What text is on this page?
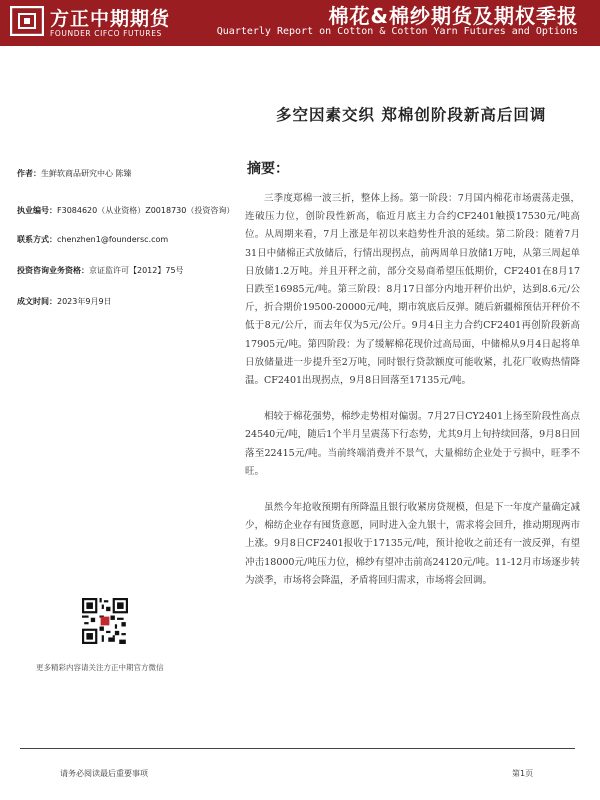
方正中期期货
FOUNDER CIFCO FUTURES
棉花&棉纱期货及期权季报
Quarterly Report on Cotton & Cotton Yarn Futures and Options
多空因素交织 郑棉创阶段新高后回调
作者：生鲜软商品研究中心 陈臻
执业编号：F3084620（从业资格）Z0018730（投资咨询）
联系方式：chenzhen1@foundersc.com
投资咨询业务资格：京证监许可【2012】75号
成文时间：2023年9月9日
摘要：

三季度郑棉一波三折，整体上扬。第一阶段：7月国内棉花市场震荡走强，连破压力位，创阶段性新高，临近月底主力合约CF2401触摸17530元/吨高位。从周期来看，7月上涨是年初以来趋势性升浪的延续。第二阶段：随着7月31日中储棉正式放储后，行情出现拐点，前两周单日放储1万吨，从第三周起单日放储1.2万吨。并且开秤之前，部分交易商希望压低期价，CF2401在8月17日跌至16985元/吨。第三阶段：8月17日部分内地开秤价出炉，达到8.6元/公斤，折合期价19500-20000元/吨，期市筑底后反弹。随后新疆棉预估开秤价不低于8元/公斤，而去年仅为5元/公斤。9月4日主力合约CF2401再创阶段新高17905元/吨。第四阶段：为了缓解棉花现价过高局面，中储棉从9月4日起将单日放储量进一步提升至2万吨，同时银行贷款额度可能收紧，扎花厂收购热情降温。CF2401出现拐点，9月8日回落至17135元/吨。

相较于棉花强势，棉纱走势相对偏弱。7月27日CY2401上扬至阶段性高点24540元/吨，随后1个半月呈震荡下行态势，尤其9月上旬持续回落，9月8日回落至22415元/吨。当前终端消费并不景气，大量棉纺企业处于亏损中，旺季不旺。

虽然今年抢收预期有所降温且银行收紧房贷规模，但是下一年度产量确定减少，棉纺企业存有囤货意愿，同时进入金九银十，需求将会回升，推动期现两市上涨。9月8日CF2401报收于17135元/吨，预计抢收之前还有一波反弹，有望冲击18000元/吨压力位，棉纱有望冲击前高24120元/吨。11-12月市场逐步转为淡季，市场将会降温，矛盾将回归需求，市场将会回调。

更多精彩内容请关注方正中期官方微信
请务必阅读最后重要事项	第1页
